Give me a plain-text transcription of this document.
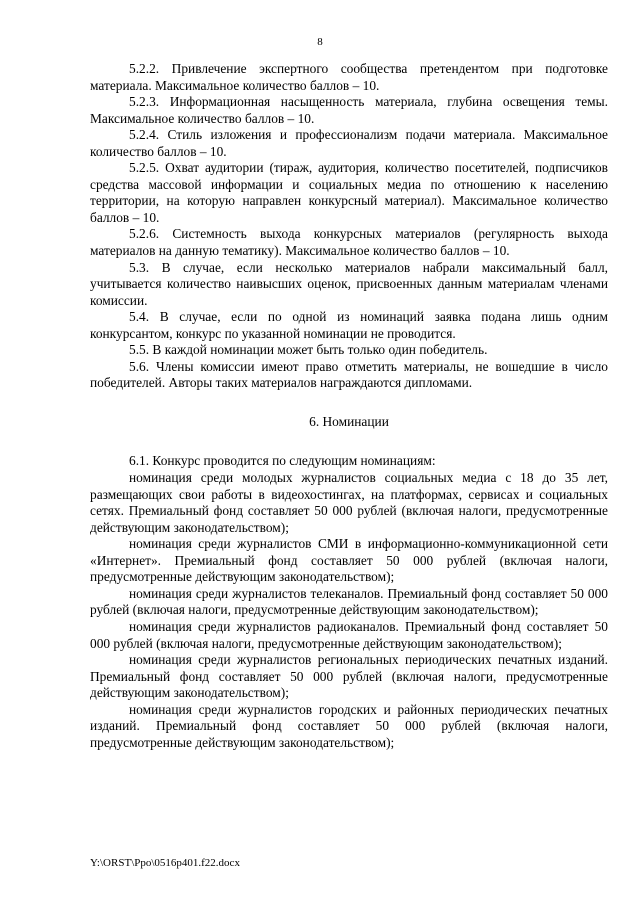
8

5.2.2. Привлечение экспертного сообщества претендентом при подготовке материала. Максимальное количество баллов – 10.

5.2.3. Информационная насыщенность материала, глубина освещения темы. Максимальное количество баллов – 10.

5.2.4. Стиль изложения и профессионализм подачи материала. Максимальное количество баллов – 10.

5.2.5. Охват аудитории (тираж, аудитория, количество посетителей, подписчиков средства массовой информации и социальных медиа по отношению к населению территории, на которую направлен конкурсный материал). Максимальное количество баллов – 10.

5.2.6. Системность выхода конкурсных материалов (регулярность выхода материалов на данную тематику). Максимальное количество баллов – 10.

5.3. В случае, если несколько материалов набрали максимальный балл, учитывается количество наивысших оценок, присвоенных данным материалам членами комиссии.

5.4. В случае, если по одной из номинаций заявка подана лишь одним конкурсантом, конкурс по указанной номинации не проводится.

5.5. В каждой номинации может быть только один победитель.

5.6. Члены комиссии имеют право отметить материалы, не вошедшие в число победителей. Авторы таких материалов награждаются дипломами.

6. Номинации

6.1. Конкурс проводится по следующим номинациям:

номинация среди молодых журналистов социальных медиа с 18 до 35 лет, размещающих свои работы в видеохостингах, на платформах, сервисах и социальных сетях. Премиальный фонд составляет 50 000 рублей (включая налоги, предусмотренные действующим законодательством);

номинация среди журналистов СМИ в информационно-коммуникационной сети «Интернет». Премиальный фонд составляет 50 000 рублей (включая налоги, предусмотренные действующим законодательством);

номинация среди журналистов телеканалов. Премиальный фонд составляет 50 000 рублей (включая налоги, предусмотренные действующим законодательством);

номинация среди журналистов радиоканалов. Премиальный фонд составляет 50 000 рублей (включая налоги, предусмотренные действующим законодательством);

номинация среди журналистов региональных периодических печатных изданий. Премиальный фонд составляет 50 000 рублей (включая налоги, предусмотренные действующим законодательством);

номинация среди журналистов городских и районных периодических печатных изданий. Премиальный фонд составляет 50 000 рублей (включая налоги, предусмотренные действующим законодательством);

Y:\ORST\Ppo\0516p401.f22.docx
